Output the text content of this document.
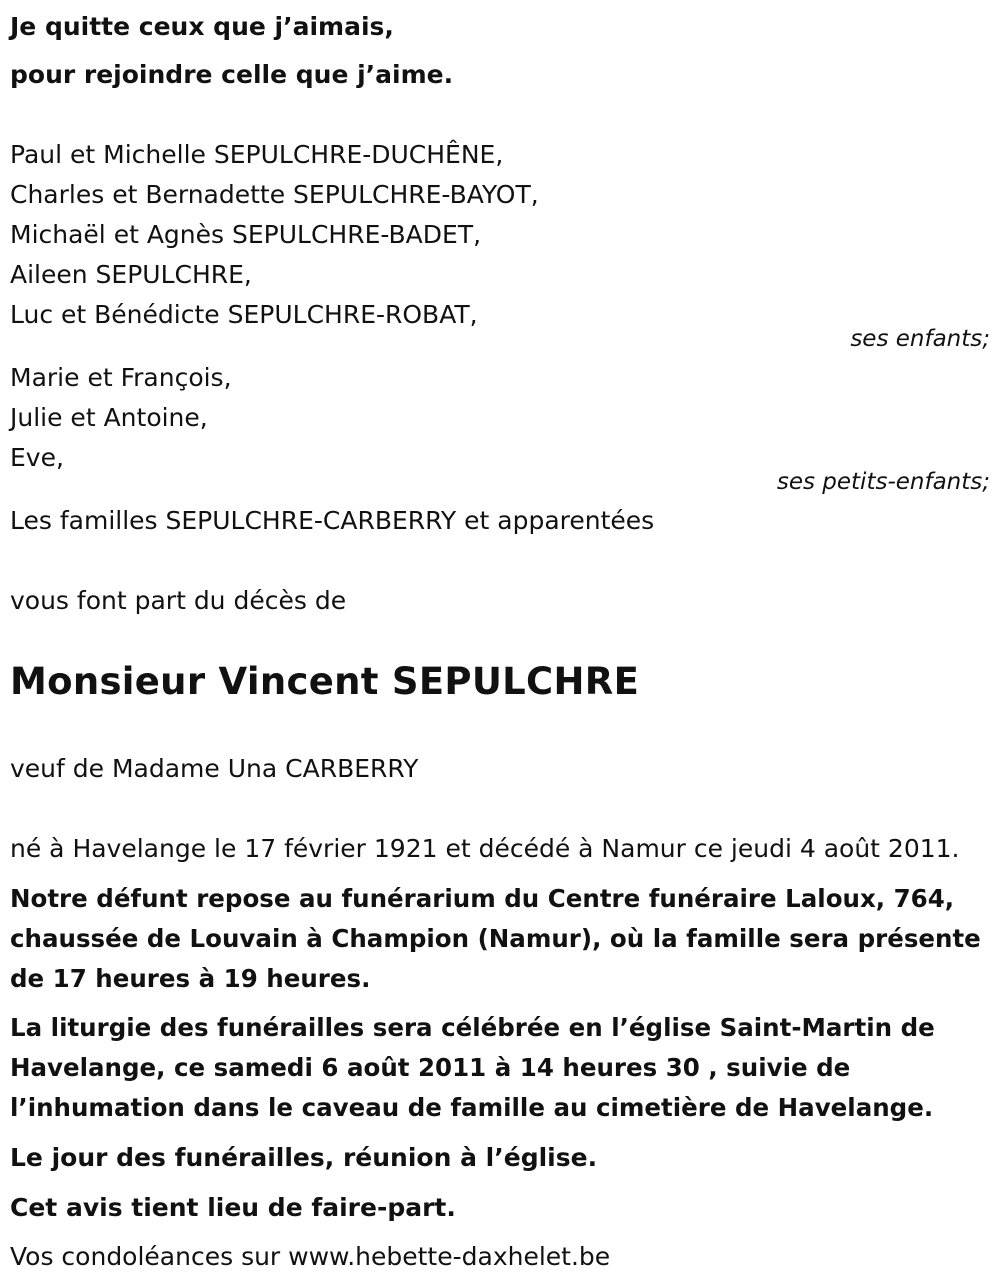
Je quitte ceux que j’aimais,
pour rejoindre celle que j’aime.
Paul et Michelle SEPULCHRE-DUCHÊNE,
Charles et Bernadette SEPULCHRE-BAYOT,
Michaël et Agnès SEPULCHRE-BADET,
Aileen SEPULCHRE,
Luc et Bénédicte SEPULCHRE-ROBAT,
ses enfants;
Marie et François,
Julie et Antoine,
Eve,
ses petits-enfants;
Les familles SEPULCHRE-CARBERRY et apparentées
vous font part du décès de
Monsieur Vincent SEPULCHRE
veuf de Madame Una CARBERRY
né à Havelange le 17 février 1921 et décédé à Namur ce jeudi 4 août 2011.
Notre défunt repose au funérarium du Centre funéraire Laloux, 764, chaussée de Louvain à Champion (Namur), où la famille sera présente de 17 heures à 19 heures.
La liturgie des funérailles sera célébrée en l’église Saint-Martin de Havelange, ce samedi 6 août 2011 à 14 heures 30 , suivie de l’inhumation dans le caveau de famille au cimetière de Havelange.
Le jour des funérailles, réunion à l’église.
Cet avis tient lieu de faire-part.
Vos condoléances sur www.hebette-daxhelet.be
